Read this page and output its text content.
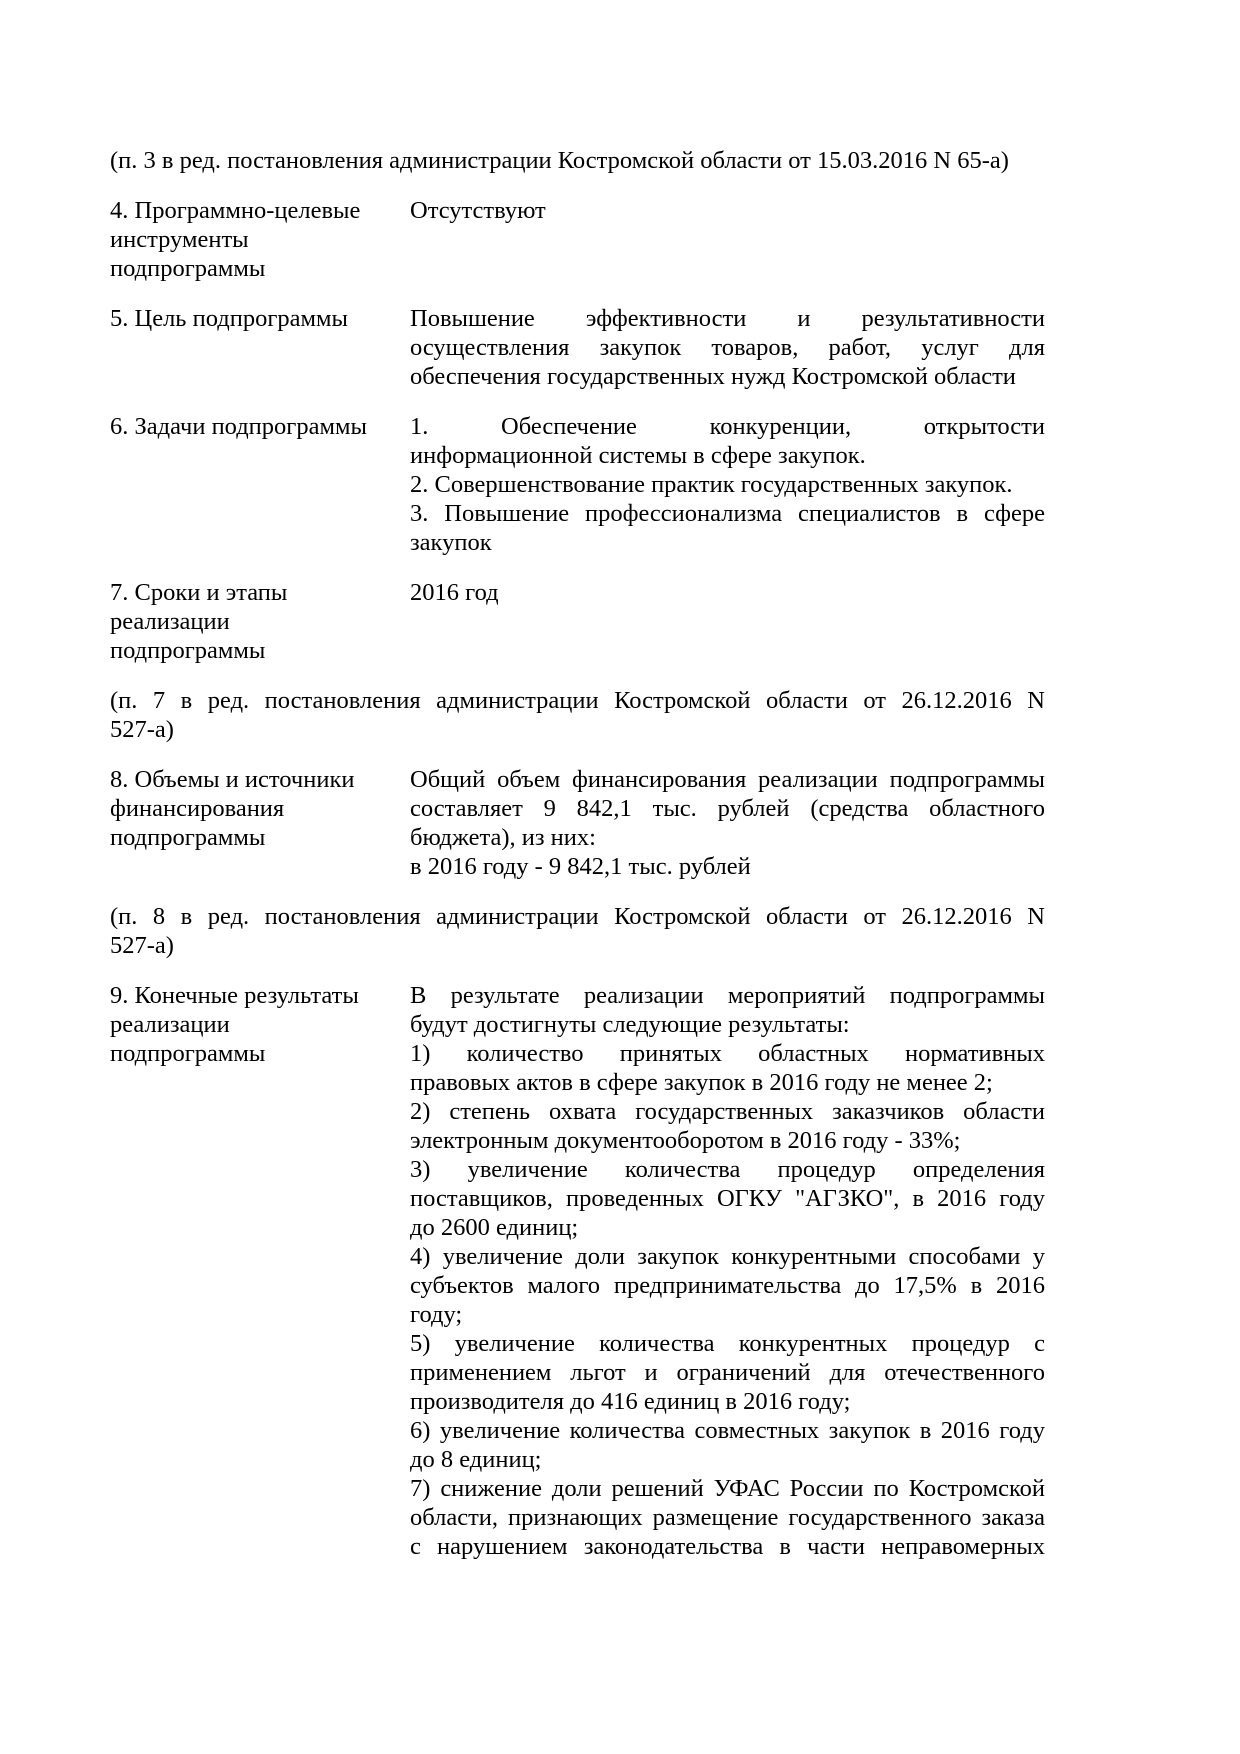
(п. 3 в ред. постановления администрации Костромской области от 15.03.2016 N 65-а)
4. Программно-целевые инструменты подпрограммы
Отсутствуют
5. Цель подпрограммы	Повышение эффективности и результативности
осуществления закупок товаров, работ, услуг для
обеспечения государственных нужд Костромской области
6. Задачи подпрограммы	1. Обеспечение конкуренции, открытости
информационной системы в сфере закупок.
2. Совершенствование практик государственных закупок.
3. Повышение профессионализма специалистов в сфере
закупок
7. Сроки и этапы реализации подпрограммы
2016 год
(п. 7 в ред. постановления администрации Костромской области от 26.12.2016 N
527-а)
8. Объемы и источники финансирования подпрограммы
Общий объем финансирования реализации подпрограммы
составляет 9 842,1 тыс. рублей (средства областного
бюджета), из них:
в 2016 году - 9 842,1 тыс. рублей
(п. 8 в ред. постановления администрации Костромской области от 26.12.2016 N
527-а)
9. Конечные результаты реализации подпрограммы
В результате реализации мероприятий подпрограммы
будут достигнуты следующие результаты:
1) количество принятых областных нормативных
правовых актов в сфере закупок в 2016 году не менее 2;
2) степень охвата государственных заказчиков области
электронным документооборотом в 2016 году - 33%;
3) увеличение количества процедур определения
поставщиков, проведенных ОГКУ "АГЗКО", в 2016 году
до 2600 единиц;
4) увеличение доли закупок конкурентными способами у
субъектов малого предпринимательства до 17,5% в 2016
году;
5) увеличение количества конкурентных процедур с
применением льгот и ограничений для отечественного
производителя до 416 единиц в 2016 году;
6) увеличение количества совместных закупок в 2016 году
до 8 единиц;
7) снижение доли решений УФАС России по Костромской
области, признающих размещение государственного заказа
с нарушением законодательства в части неправомерных
